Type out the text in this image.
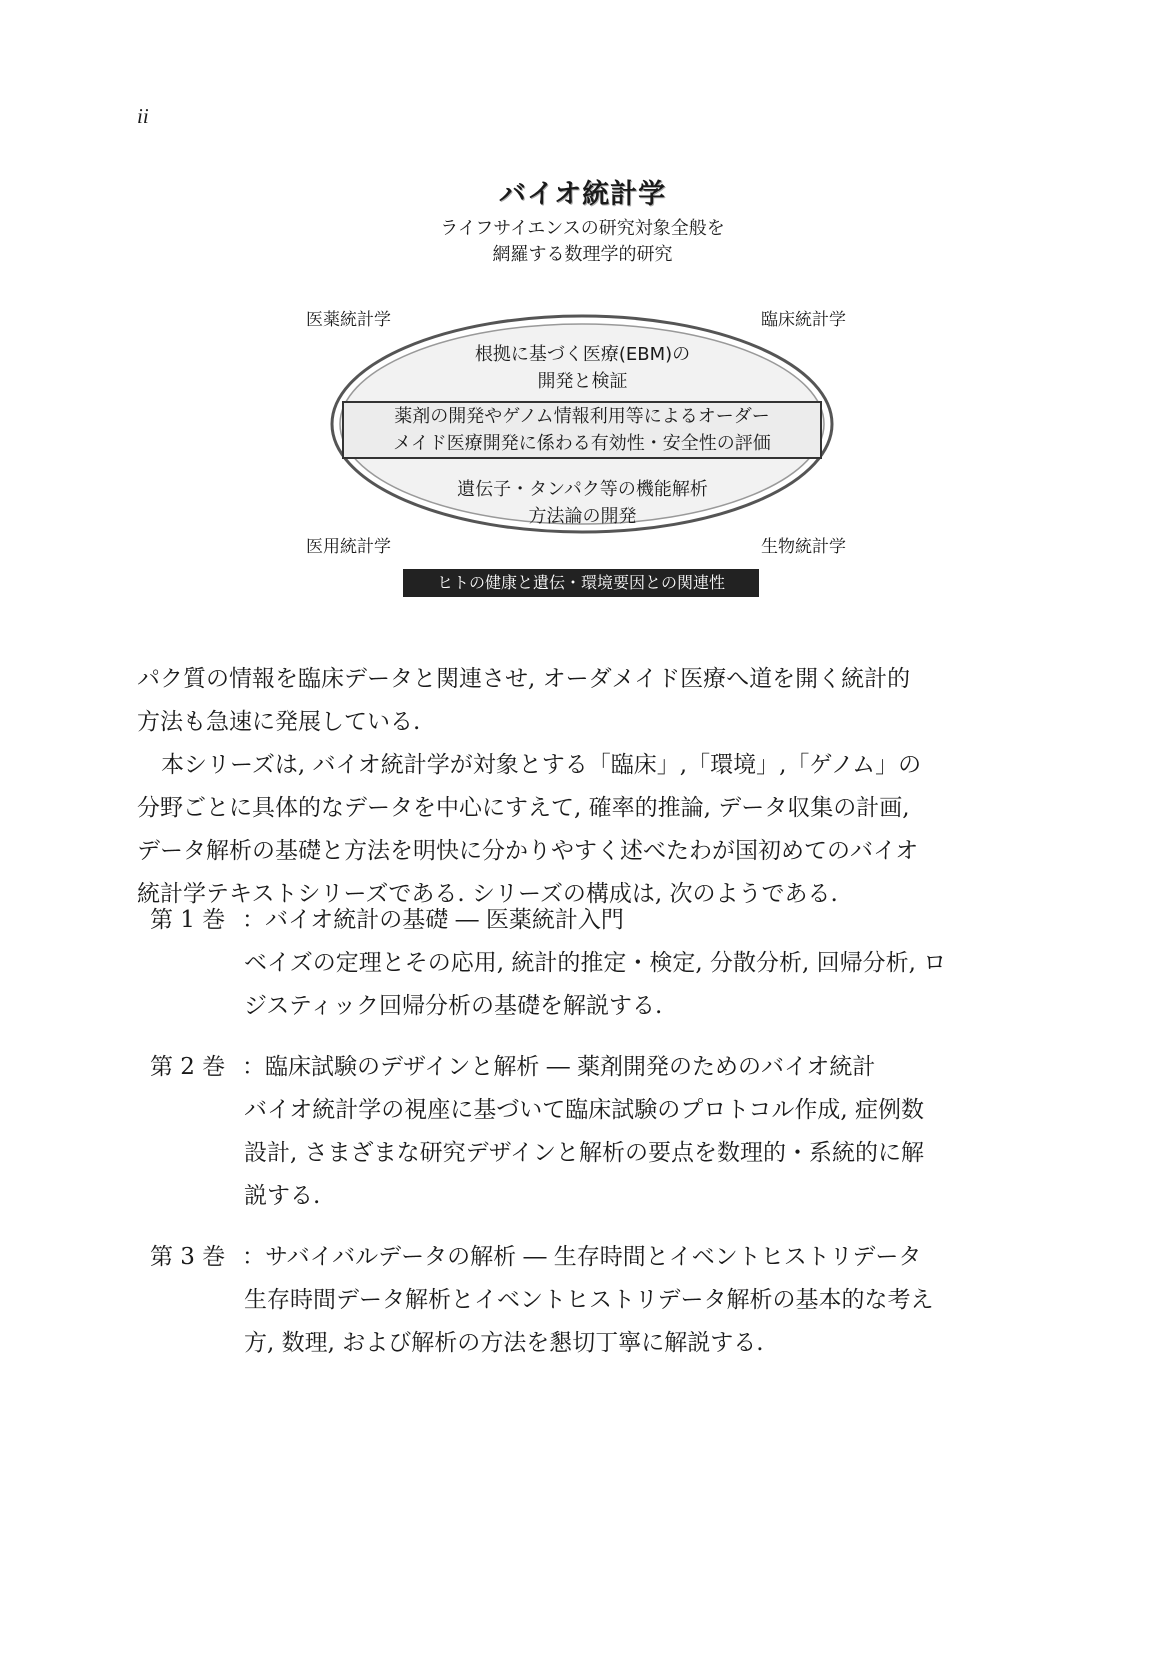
ii
バイオ統計学
ライフサイエンスの研究対象全般を
網羅する数理学的研究
医薬統計学	臨床統計学
医用統計学	生物統計学
根拠に基づく医療(EBM)の
開発と検証
薬剤の開発やゲノム情報利用等によるオーダー
メイド医療開発に係わる有効性・安全性の評価
遺伝子・タンパク等の機能解析
方法論の開発
ヒトの健康と遺伝・環境要因との関連性

パク質の情報を臨床データと関連させ, オーダメイド医療へ道を開く統計的
方法も急速に発展している.

本シリーズは, バイオ統計学が対象とする「臨床」,「環境」,「ゲノム」の
分野ごとに具体的なデータを中心にすえて, 確率的推論, データ収集の計画,
データ解析の基礎と方法を明快に分かりやすく述べたわが国初めてのバイオ
統計学テキストシリーズである. シリーズの構成は, 次のようである.

第 1 巻 ：バイオ統計の基礎 ― 医薬統計入門
ベイズの定理とその応用, 統計的推定・検定, 分散分析, 回帰分析, ロ
ジスティック回帰分析の基礎を解説する.
第 2 巻 ：臨床試験のデザインと解析 ― 薬剤開発のためのバイオ統計
バイオ統計学の視座に基づいて臨床試験のプロトコル作成, 症例数
設計, さまざまな研究デザインと解析の要点を数理的・系統的に解
説する.
第 3 巻 ：サバイバルデータの解析 ― 生存時間とイベントヒストリデータ
生存時間データ解析とイベントヒストリデータ解析の基本的な考え
方, 数理, および解析の方法を懇切丁寧に解説する.
